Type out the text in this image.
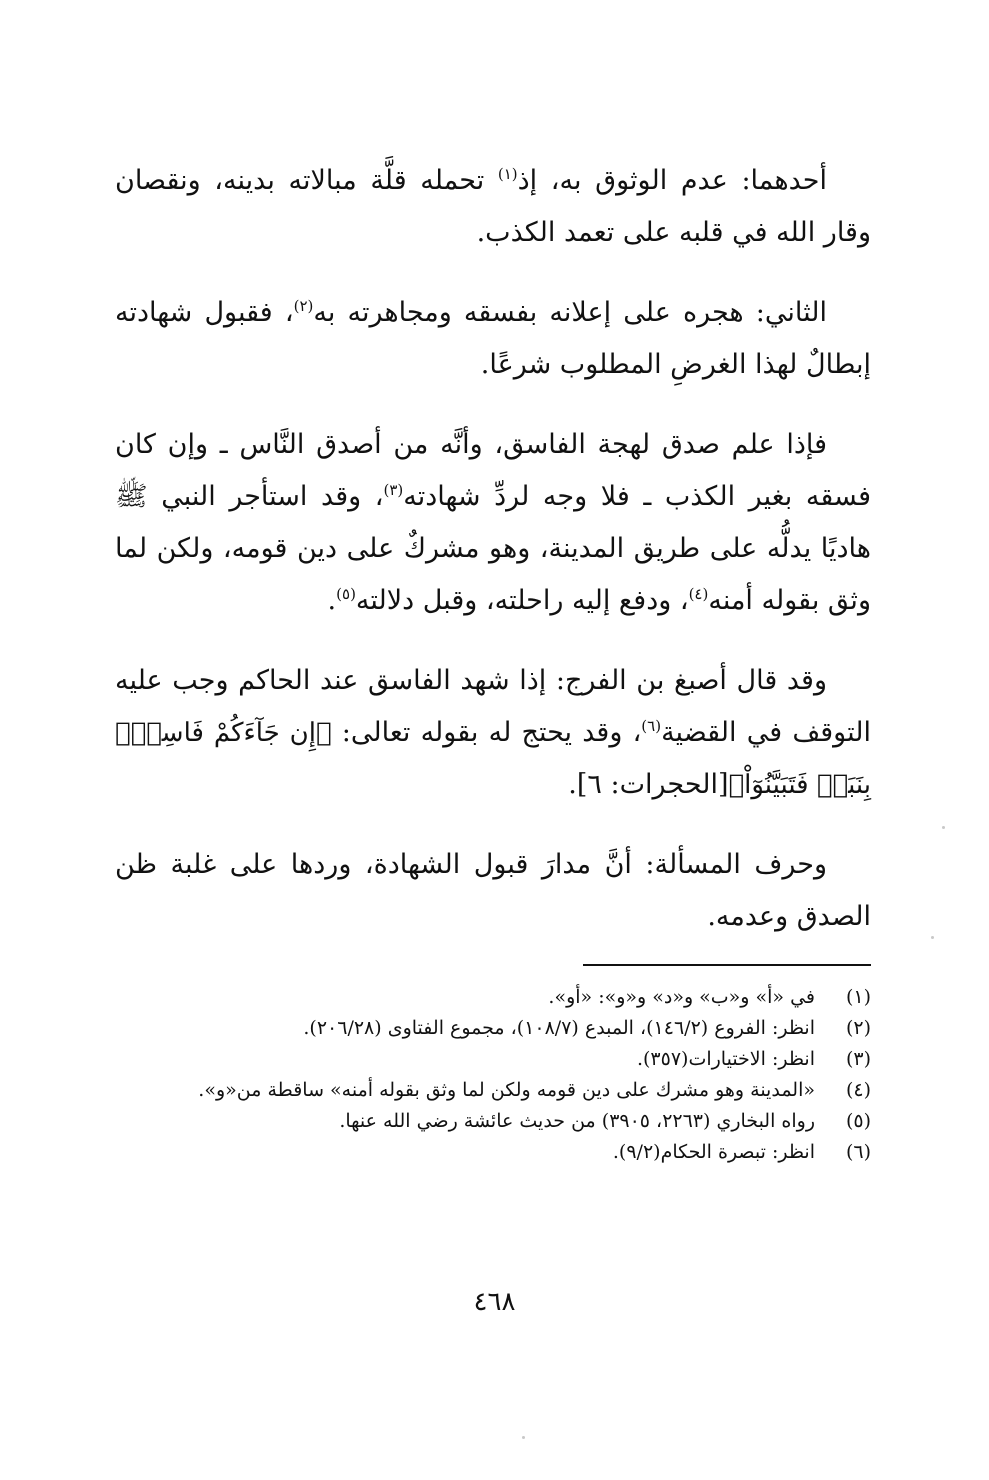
أحدهما: عدم الوثوق به، إذ$^{(١)}$ تحمله قلَّة مبالاته بدينه، ونقصان وقار الله في قلبه على تعمد الكذب.

الثاني: هجره على إعلانه بفسقه ومجاهرته به$^{(٢)}$، فقبول شهادته إبطالٌ لهذا الغرضِ المطلوب شرعًا.

فإذا علم صدق لهجة الفاسق، وأنَّه من أصدق النَّاس ـ وإن كان فسقه بغير الكذب ـ فلا وجه لردِّ شهادته$^{(٣)}$، وقد استأجر النبي ﷺ هاديًا يدلُّه على طريق المدينة، وهو مشركٌ على دين قومه، ولكن لما وثق بقوله أمنه$^{(٤)}$، ودفع إليه راحلته، وقبل دلالته$^{(٥)}$.

وقد قال أصبغ بن الفرج: إذا شهد الفاسق عند الحاكم وجب عليه التوقف في القضية$^{(٦)}$، وقد يحتج له بقوله تعالى: ﴿إِن جَآءَكُمْ فَاسِقُۢ بِنَبَإٖ فَتَبَيَّنُوٓاْ﴾[الحجرات: ٦].

وحرف المسألة: أنَّ مدارَ قبول الشهادة، وردها على غلبة ظن الصدق وعدمه.

(١)
في «أ» و«ب» و«د» و«و»: «أو».
(٢)
انظر: الفروع (١٤٦/٢)، المبدع (١٠٨/٧)، مجموع الفتاوى (٢٠٦/٢٨).
(٣)
انظر: الاختيارات(٣٥٧).
(٤)
«المدينة وهو مشرك على دين قومه ولكن لما وثق بقوله أمنه» ساقطة من«و».
(٥)
رواه البخاري (٢٢٦٣، ٣٩٠٥) من حديث عائشة رضي الله عنها.
(٦)
انظر: تبصرة الحكام(٩/٢).
٤٦٨
